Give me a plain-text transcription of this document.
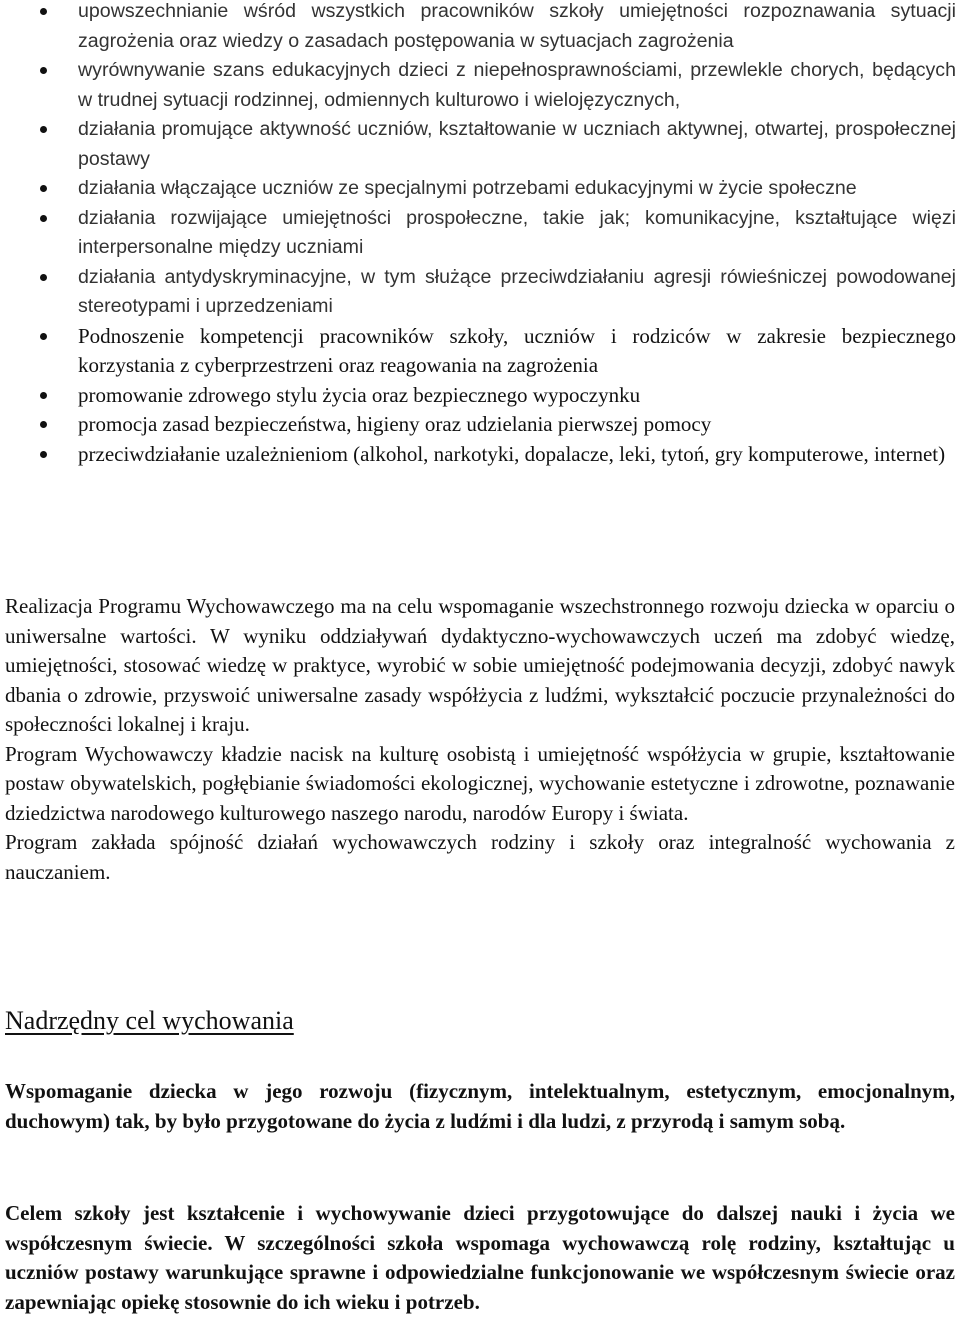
upowszechnianie wśród wszystkich pracowników szkoły umiejętności rozpoznawania sytuacji zagrożenia oraz wiedzy o zasadach postępowania w sytuacjach zagrożenia
wyrównywanie szans edukacyjnych dzieci z niepełnosprawnościami, przewlekle chorych, będących w trudnej sytuacji rodzinnej, odmiennych kulturowo i wielojęzycznych,
działania promujące aktywność uczniów, kształtowanie w uczniach aktywnej, otwartej, prospołecznej postawy
działania włączające uczniów ze specjalnymi potrzebami edukacyjnymi w życie społeczne
działania rozwijające umiejętności prospołeczne, takie jak; komunikacyjne, kształtujące więzi interpersonalne między uczniami
działania antydyskryminacyjne, w tym służące przeciwdziałaniu agresji rówieśniczej powodowanej stereotypami i uprzedzeniami
Podnoszenie kompetencji pracowników szkoły, uczniów i rodziców w zakresie bezpiecznego korzystania z cyberprzestrzeni oraz reagowania na zagrożenia
promowanie zdrowego stylu życia oraz bezpiecznego wypoczynku
promocja zasad bezpieczeństwa, higieny oraz udzielania pierwszej pomocy
przeciwdziałanie uzależnieniom (alkohol, narkotyki, dopalacze, leki, tytoń, gry komputerowe, internet)

Realizacja Programu Wychowawczego ma na celu wspomaganie wszechstronnego rozwoju dziecka w oparciu o uniwersalne wartości. W wyniku oddziaływań dydaktyczno-wychowawczych uczeń ma zdobyć wiedzę, umiejętności, stosować wiedzę w praktyce, wyrobić w sobie umiejętność podejmowania decyzji, zdobyć nawyk dbania o zdrowie, przyswoić uniwersalne zasady współżycia z ludźmi, wykształcić poczucie przynależności do społeczności lokalnej i kraju.

Program Wychowawczy kładzie nacisk na kulturę osobistą i umiejętność współżycia w grupie, kształtowanie postaw obywatelskich, pogłębianie świadomości ekologicznej, wychowanie estetyczne i zdrowotne, poznawanie dziedzictwa narodowego kulturowego naszego narodu, narodów Europy i świata.

Program zakłada spójność działań wychowawczych rodziny i szkoły oraz integralność wychowania z nauczaniem.

Nadrzędny cel wychowania

Wspomaganie dziecka w jego rozwoju (fizycznym, intelektualnym, estetycznym, emocjonalnym, duchowym) tak, by było przygotowane do życia z ludźmi i dla ludzi, z przyrodą i samym sobą.

Celem szkoły jest kształcenie i wychowywanie dzieci przygotowujące do dalszej nauki i życia we współczesnym świecie. W szczególności szkoła wspomaga wychowawczą rolę rodziny, kształtując u uczniów postawy warunkujące sprawne i odpowiedzialne funkcjonowanie we współczesnym świecie oraz zapewniając opiekę stosownie do ich wieku i potrzeb.
